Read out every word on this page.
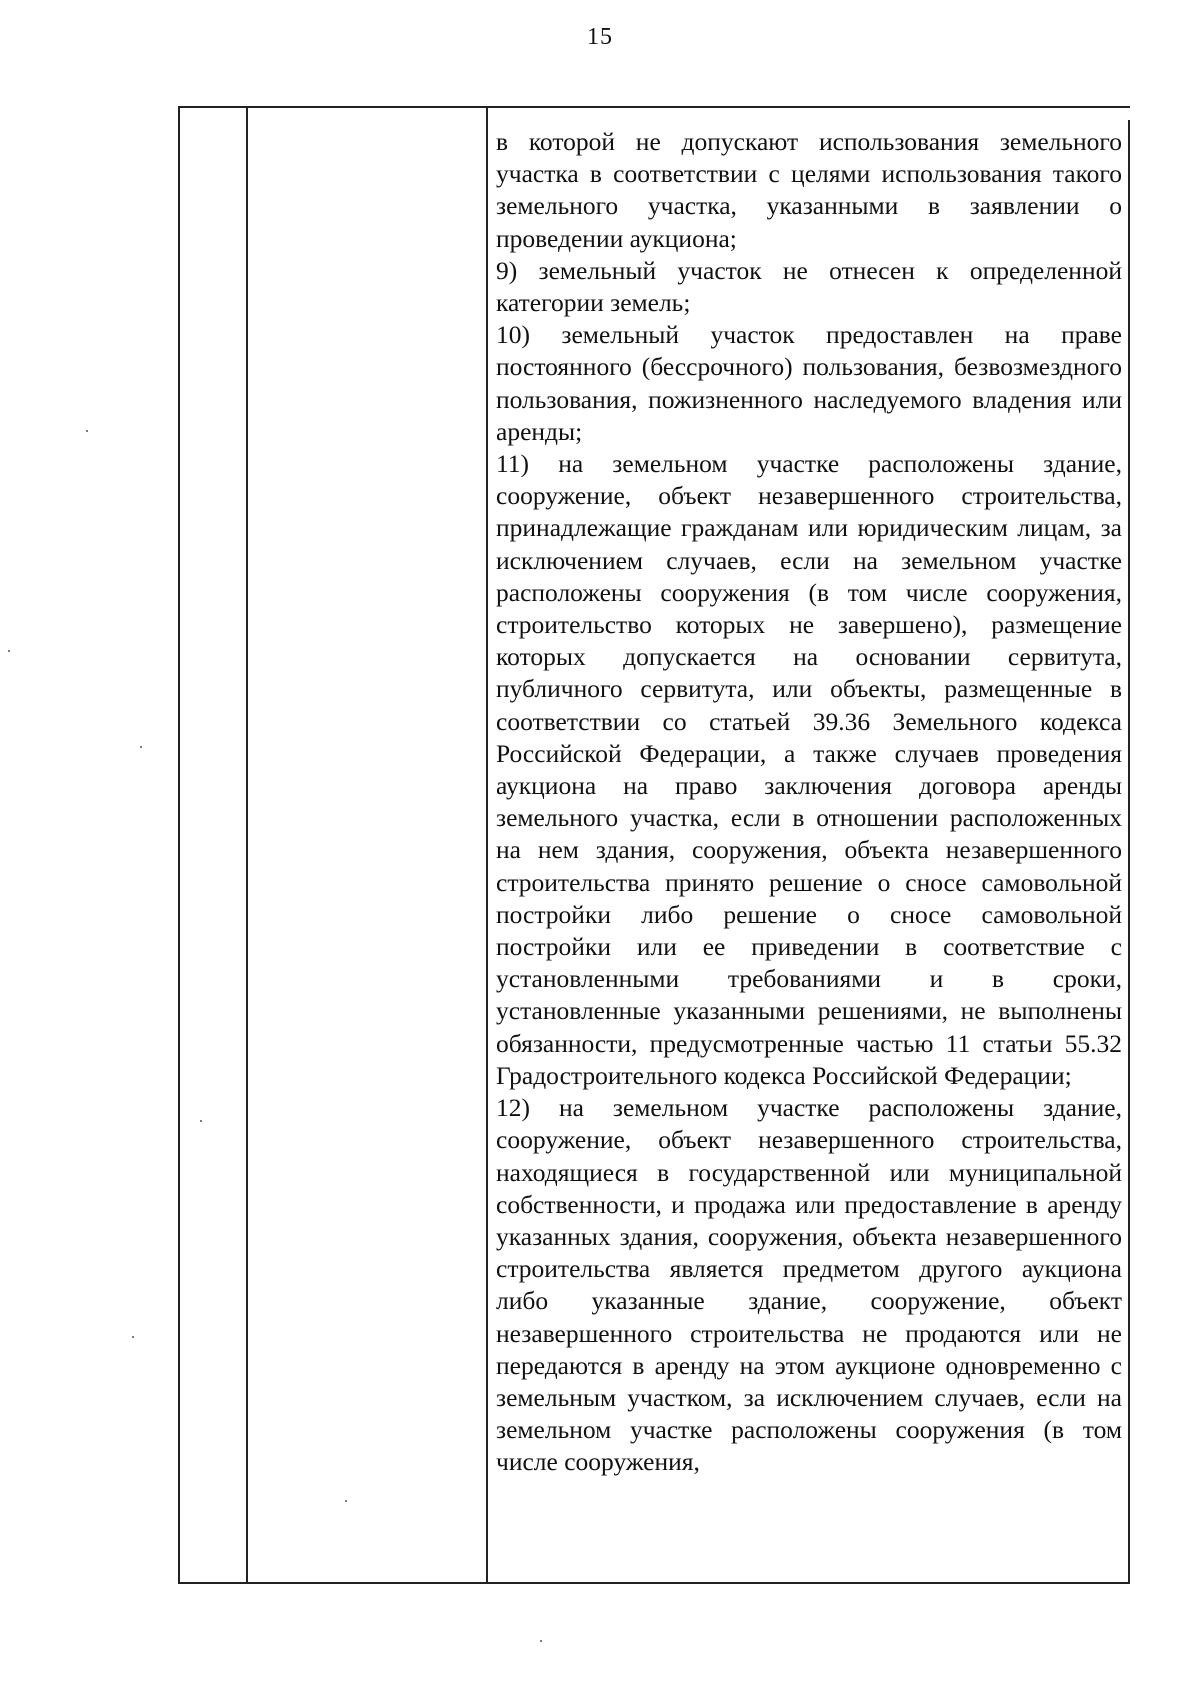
15

в которой не допускают использования земельного участка в соответствии с целями использования такого земельного участка, указанными в заявлении о проведении аукциона;

9) земельный участок не отнесен к определенной категории земель;

10) земельный участок предоставлен на праве постоянного (бессрочного) пользования, безвозмездного пользования, пожизненного наследуемого владения или аренды;

11) на земельном участке расположены здание, сооружение, объект незавершенного строительства, принадлежащие гражданам или юридическим лицам, за исключением случаев, если на земельном участке расположены сооружения (в том числе сооружения, строительство которых не завершено), размещение которых допускается на основании сервитута, публичного сервитута, или объекты, размещенные в соответствии со статьей 39.36 Земельного кодекса Российской Федерации, а также случаев проведения аукциона на право заключения договора аренды земельного участка, если в отношении расположенных на нем здания, сооружения, объекта незавершенного строительства принято решение о сносе самовольной постройки либо решение о сносе самовольной постройки или ее приведении в соответствие с установленными требованиями и в сроки, установленные указанными решениями, не выполнены обязанности, предусмотренные частью 11 статьи 55.32 Градостроительного кодекса Российской Федерации;

12) на земельном участке расположены здание, сооружение, объект незавершенного строительства, находящиеся в государственной или муниципальной собственности, и продажа или предоставление в аренду указанных здания, сооружения, объекта незавершенного строительства является предметом другого аукциона либо указанные здание, сооружение, объект незавершенного строительства не продаются или не передаются в аренду на этом аукционе одновременно с земельным участком, за исключением случаев, если на земельном участке расположены сооружения (в том числе сооружения,
